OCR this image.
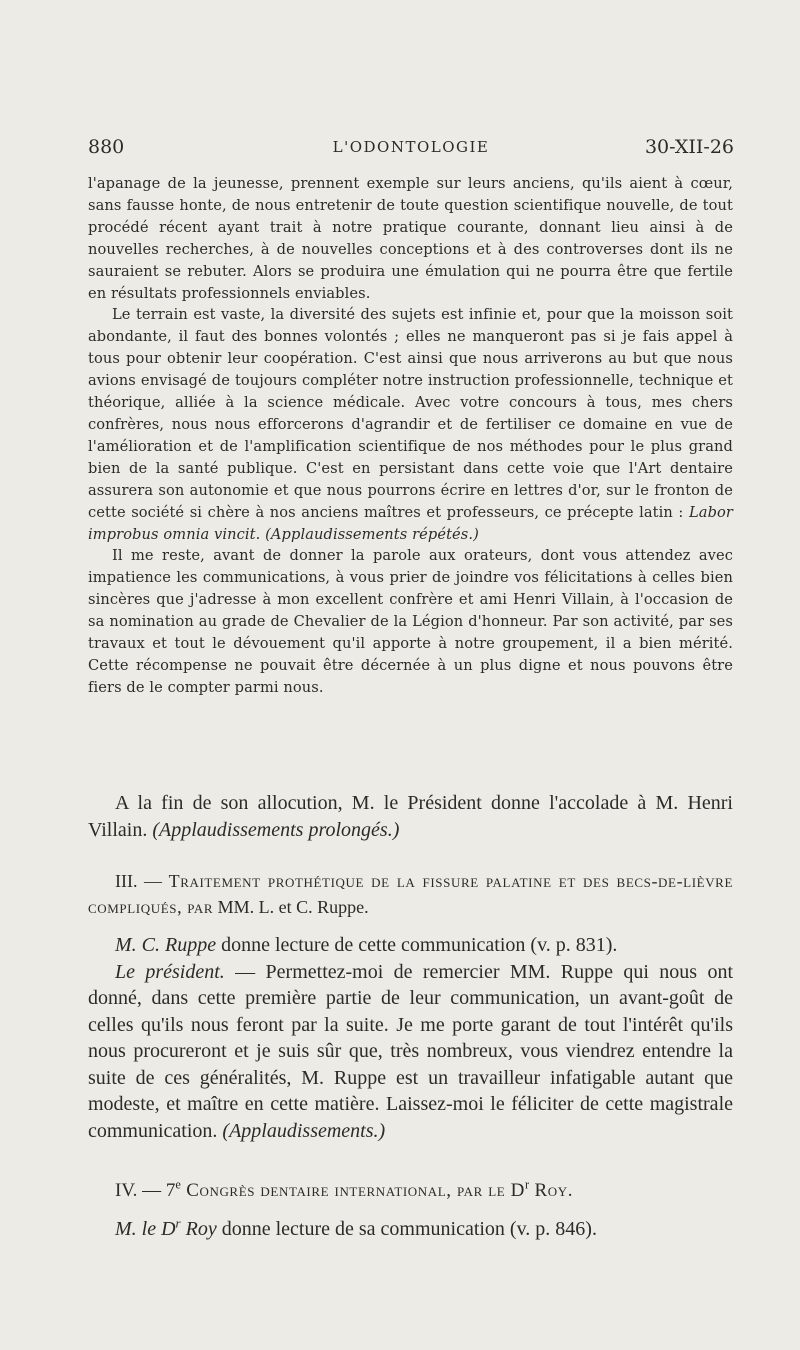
880	L'ODONTOLOGIE	30-XII-26

l'apanage de la jeunesse, prennent exemple sur leurs anciens, qu'ils aient à cœur, sans fausse honte, de nous entretenir de toute question scientifique nouvelle, de tout procédé récent ayant trait à notre pratique courante, donnant lieu ainsi à de nouvelles recherches, à de nouvelles conceptions et à des controverses dont ils ne sauraient se rebuter. Alors se produira une émulation qui ne pourra être que fertile en résultats professionnels enviables.

Le terrain est vaste, la diversité des sujets est infinie et, pour que la moisson soit abondante, il faut des bonnes volontés ; elles ne manqueront pas si je fais appel à tous pour obtenir leur coopération. C'est ainsi que nous arriverons au but que nous avions envisagé de toujours compléter notre instruction professionnelle, technique et théorique, alliée à la science médicale. Avec votre concours à tous, mes chers confrères, nous nous efforcerons d'agrandir et de fertiliser ce domaine en vue de l'amélioration et de l'amplification scientifique de nos méthodes pour le plus grand bien de la santé publique. C'est en persistant dans cette voie que l'Art dentaire assurera son autonomie et que nous pourrons écrire en lettres d'or, sur le fronton de cette société si chère à nos anciens maîtres et professeurs, ce précepte latin : Labor improbus omnia vincit. (Applaudissements répétés.)

Il me reste, avant de donner la parole aux orateurs, dont vous attendez avec impatience les communications, à vous prier de joindre vos félicitations à celles bien sincères que j'adresse à mon excellent confrère et ami Henri Villain, à l'occasion de sa nomination au grade de Chevalier de la Légion d'honneur. Par son activité, par ses travaux et tout le dévouement qu'il apporte à notre groupement, il a bien mérité. Cette récompense ne pouvait être décernée à un plus digne et nous pouvons être fiers de le compter parmi nous.

A la fin de son allocution, M. le Président donne l'accolade à M. Henri Villain. (Applaudissements prolongés.)

III. — Traitement prothétique de la fissure palatine et des becs-de-lièvre compliqués, par MM. L. et C. Ruppe.

M. C. Ruppe donne lecture de cette communication (v. p. 831).

Le président. — Permettez-moi de remercier MM. Ruppe qui nous ont donné, dans cette première partie de leur communication, un avant-goût de celles qu'ils nous feront par la suite. Je me porte garant de tout l'intérêt qu'ils nous procureront et je suis sûr que, très nombreux, vous viendrez entendre la suite de ces généralités, M. Ruppe est un travailleur infatigable autant que modeste, et maître en cette matière. Laissez-moi le féliciter de cette magistrale communication. (Applaudissements.)

IV. — 7e Congrès dentaire international, par le $D^r$ Roy.

M. le $D^r$ Roy donne lecture de sa communication (v. p. 846).
